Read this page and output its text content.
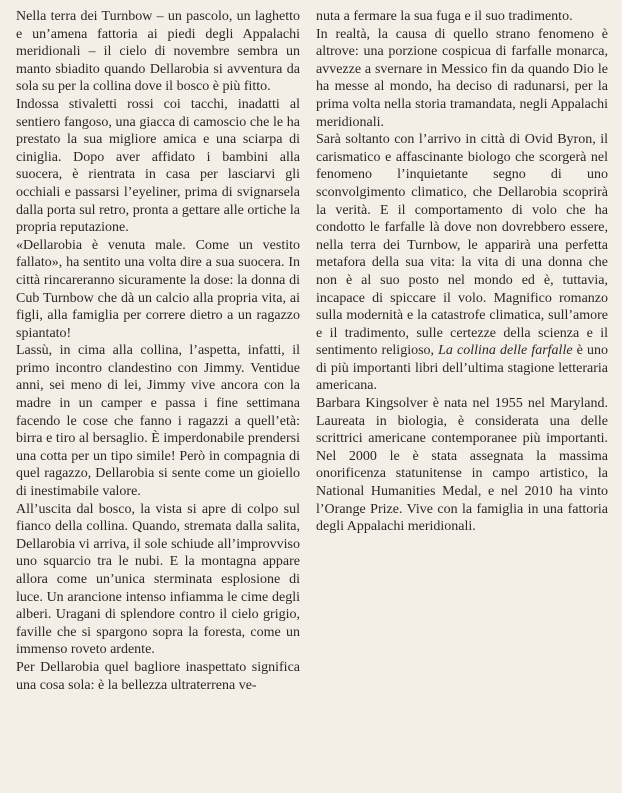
Nella terra dei Turnbow – un pascolo, un laghetto e un’amena fattoria ai piedi degli Appalachi meridionali – il cielo di novembre sembra un manto sbiadito quando Dellarobia si avventura da sola su per la collina dove il bosco è più fitto.

Indossa stivaletti rossi coi tacchi, inadatti al sentiero fangoso, una giacca di camoscio che le ha prestato la sua migliore amica e una sciarpa di ciniglia. Dopo aver affidato i bambini alla suocera, è rientrata in casa per lasciarvi gli occhiali e passarsi l’eyeliner, prima di svignarsela dalla porta sul retro, pronta a gettare alle ortiche la propria reputazione.

«Dellarobia è venuta male. Come un vestito fallato», ha sentito una volta dire a sua suocera. In città rincareranno sicuramente la dose: la donna di Cub Turnbow che dà un calcio alla propria vita, ai figli, alla famiglia per correre dietro a un ragazzo spiantato!

Lassù, in cima alla collina, l’aspetta, infatti, il primo incontro clandestino con Jimmy. Ventidue anni, sei meno di lei, Jimmy vive ancora con la madre in un camper e passa i fine settimana facendo le cose che fanno i ragazzi a quell’età: birra e tiro al bersaglio. È imperdonabile prendersi una cotta per un tipo simile! Però in compagnia di quel ragazzo, Dellarobia si sente come un gioiello di inestimabile valore.

All’uscita dal bosco, la vista si apre di colpo sul fianco della collina. Quando, stremata dalla salita, Dellarobia vi arriva, il sole schiude all’improvviso uno squarcio tra le nubi. E la montagna appare allora come un’unica sterminata esplosione di luce. Un arancione intenso infiamma le cime degli alberi. Uragani di splendore contro il cielo grigio, faville che si spargono sopra la foresta, come un immenso roveto ardente.

Per Dellarobia quel bagliore inaspettato significa una cosa sola: è la bellezza ultraterrena ve-

nuta a fermare la sua fuga e il suo tradimento.

In realtà, la causa di quello strano fenomeno è altrove: una porzione cospicua di farfalle monarca, avvezze a svernare in Messico fin da quando Dio le ha messe al mondo, ha deciso di radunarsi, per la prima volta nella storia tramandata, negli Appalachi meridionali.

Sarà soltanto con l’arrivo in città di Ovid Byron, il carismatico e affascinante biologo che scorgerà nel fenomeno l’inquietante segno di uno sconvolgimento climatico, che Dellarobia scoprirà la verità. E il comportamento di volo che ha condotto le farfalle là dove non dovrebbero essere, nella terra dei Turnbow, le apparirà una perfetta metafora della sua vita: la vita di una donna che non è al suo posto nel mondo ed è, tuttavia, incapace di spiccare il volo. Magnifico romanzo sulla modernità e la catastrofe climatica, sull’amore e il tradimento, sulle certezze della scienza e il sentimento religioso, La collina delle farfalle è uno di più importanti libri dell’ultima stagione letteraria americana.

Barbara Kingsolver è nata nel 1955 nel Maryland. Laureata in biologia, è considerata una delle scrittrici americane contemporanee più importanti. Nel 2000 le è stata assegnata la massima onorificenza statunitense in campo artistico, la National Humanities Medal, e nel 2010 ha vinto l’Orange Prize. Vive con la famiglia in una fattoria degli Appalachi meridionali.
